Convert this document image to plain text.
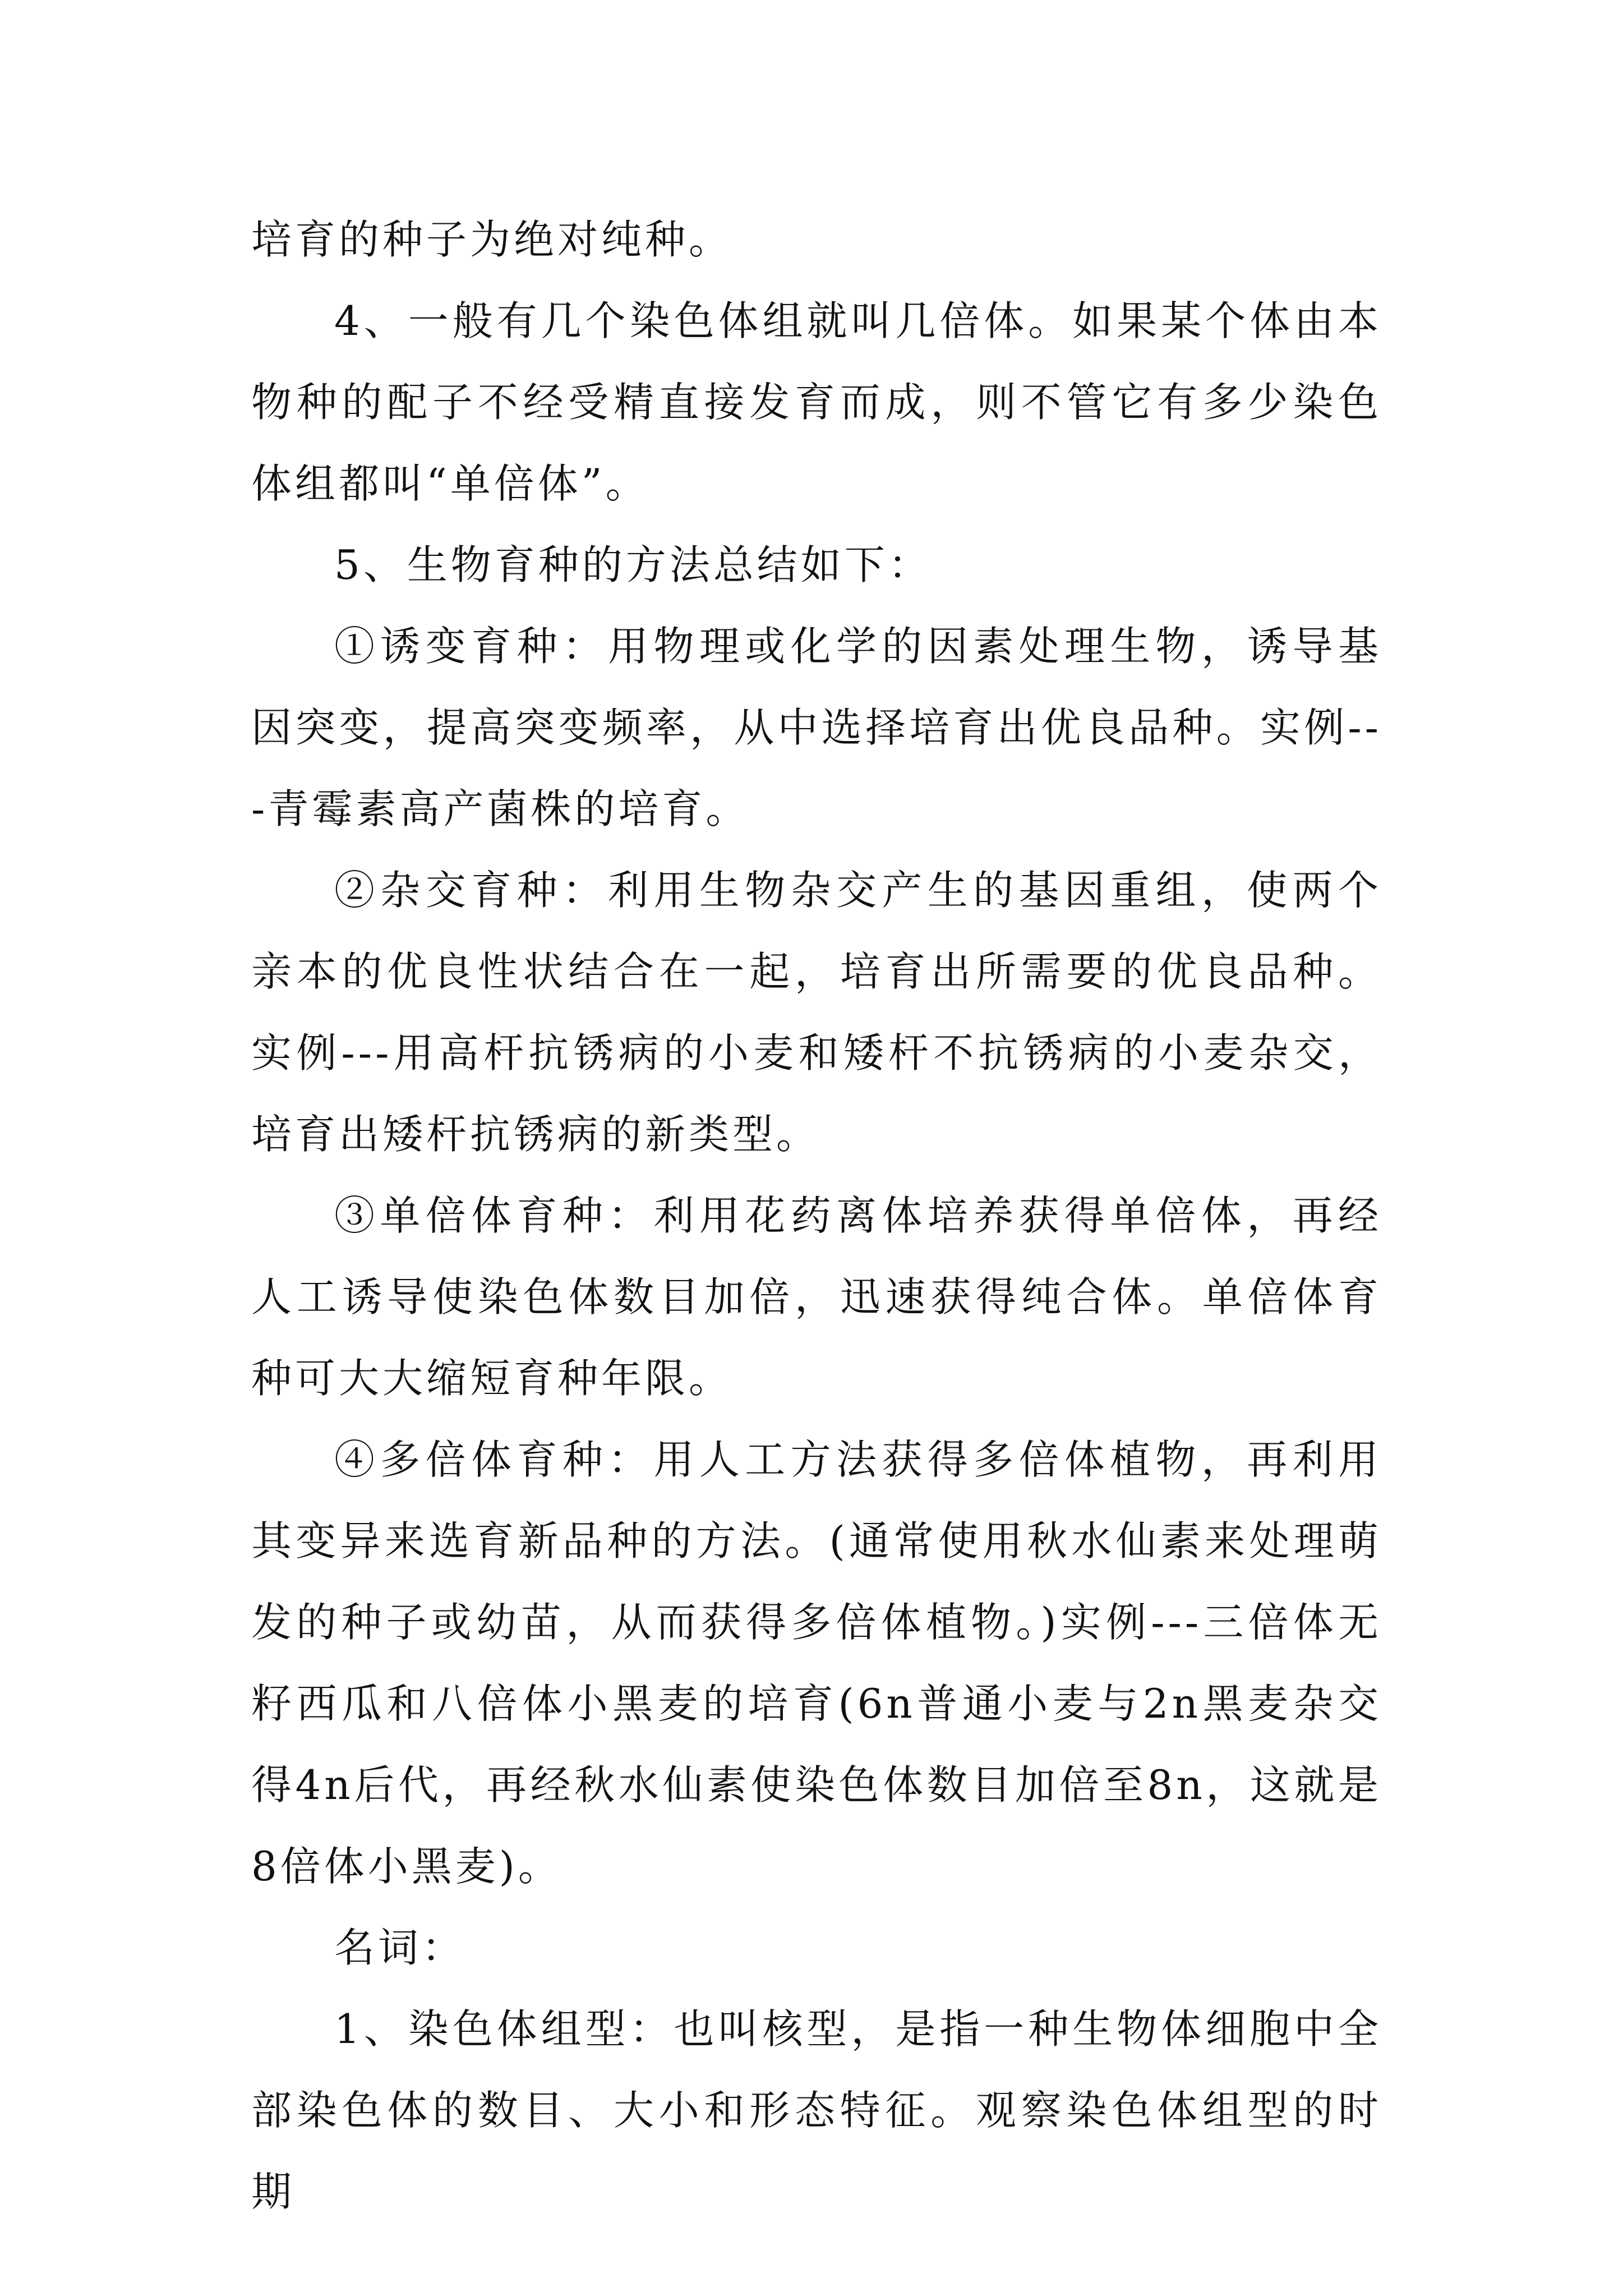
培育的种子为绝对纯种。

4、一般有几个染色体组就叫几倍体。如果某个体由本物种的配子不经受精直接发育而成，则不管它有多少染色体组都叫“单倍体”。

5、生物育种的方法总结如下：

①诱变育种：用物理或化学的因素处理生物，诱导基因突变，提高突变频率，从中选择培育出优良品种。实例---青霉素高产菌株的培育。

②杂交育种：利用生物杂交产生的基因重组，使两个亲本的优良性状结合在一起，培育出所需要的优良品种。实例---用高杆抗锈病的小麦和矮杆不抗锈病的小麦杂交，培育出矮杆抗锈病的新类型。

③单倍体育种：利用花药离体培养获得单倍体，再经人工诱导使染色体数目加倍，迅速获得纯合体。单倍体育种可大大缩短育种年限。

④多倍体育种：用人工方法获得多倍体植物，再利用其变异来选育新品种的方法。(通常使用秋水仙素来处理萌发的种子或幼苗，从而获得多倍体植物。)实例---三倍体无籽西瓜和八倍体小黑麦的培育(6n普通小麦与2n黑麦杂交得4n后代，再经秋水仙素使染色体数目加倍至8n，这就是8倍体小黑麦)。

名词：

1、染色体组型：也叫核型，是指一种生物体细胞中全部染色体的数目、大小和形态特征。观察染色体组型的时期
